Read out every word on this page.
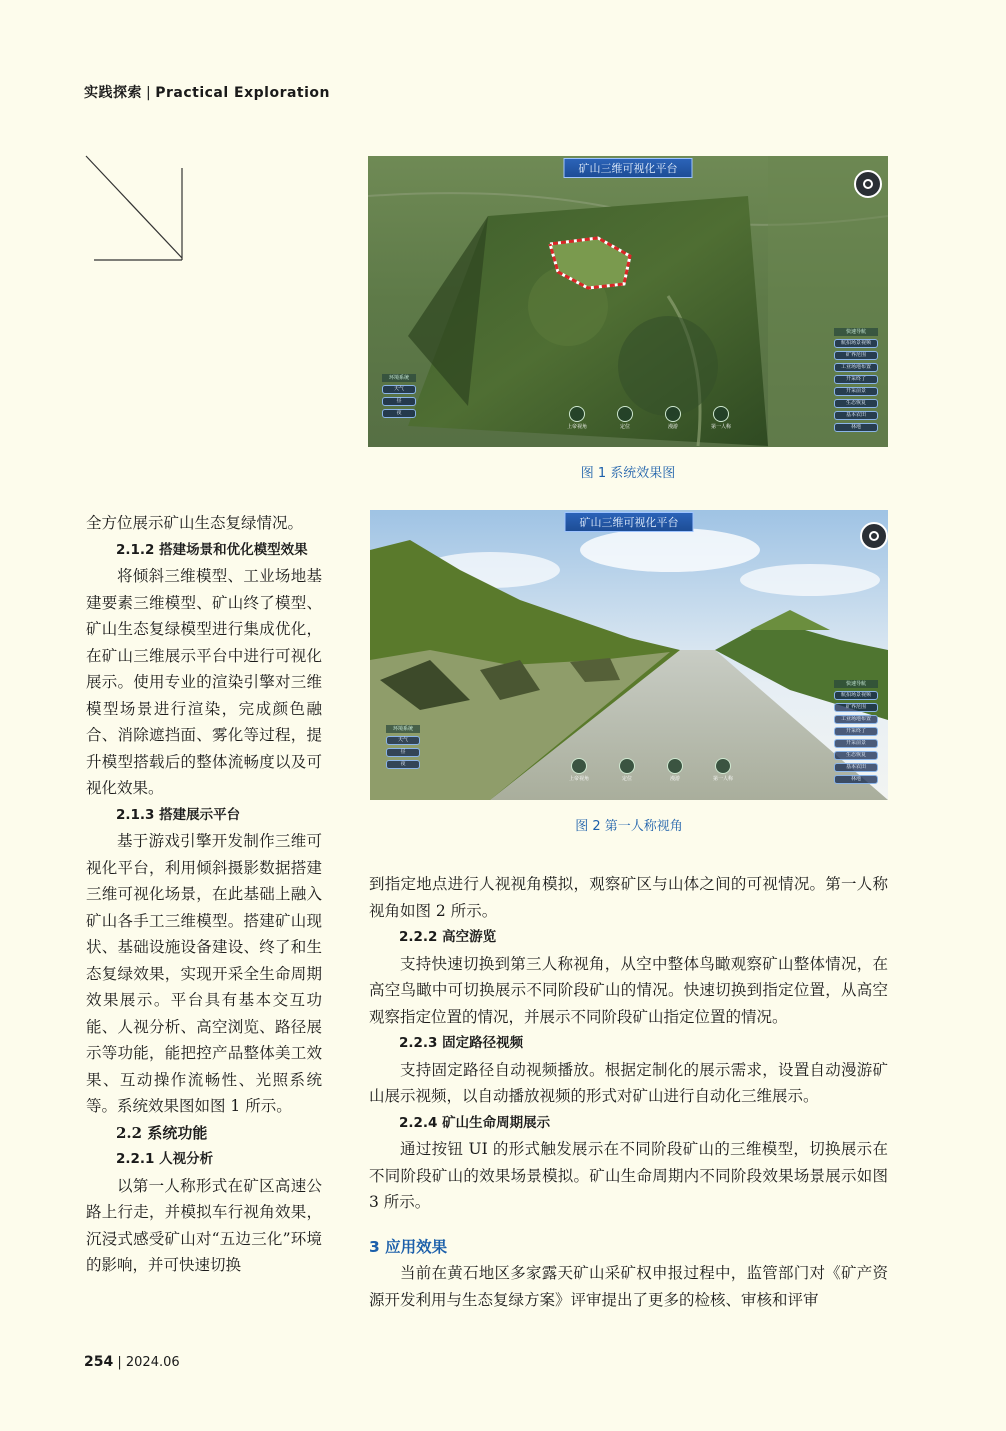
实践探索 | Practical Exploration
矿山三维可视化平台
环境系统
天气
昼
夜
快速导航
航拍场景视频
矿界范围
工业场地布置
开采终了
开采前景
生态恢复
基本农田
林地
上帝视角	定位	漫游	第一人称
图 1 系统效果图
矿山三维可视化平台
环境系统
天气
昼
夜
快速导航
航拍场景视频
矿界范围
工业场地布置
开采终了
开采前景
生态恢复
基本农田
林地
上帝视角	定位	漫游	第一人称
图 2 第一人称视角

全方位展示矿山生态复绿情况。

2.1.2 搭建场景和优化模型效果

将倾斜三维模型、工业场地基建要素三维模型、矿山终了模型、矿山生态复绿模型进行集成优化，在矿山三维展示平台中进行可视化展示。使用专业的渲染引擎对三维模型场景进行渲染，完成颜色融合、消除遮挡面、雾化等过程，提升模型搭载后的整体流畅度以及可视化效果。

2.1.3 搭建展示平台

基于游戏引擎开发制作三维可视化平台，利用倾斜摄影数据搭建三维可视化场景，在此基础上融入矿山各手工三维模型。搭建矿山现状、基础设施设备建设、终了和生态复绿效果，实现开采全生命周期效果展示。平台具有基本交互功能、人视分析、高空浏览、路径展示等功能，能把控产品整体美工效果、互动操作流畅性、光照系统等。系统效果图如图 1 所示。

2.2 系统功能

2.2.1 人视分析

以第一人称形式在矿区高速公路上行走，并模拟车行视角效果，沉浸式感受矿山对“五边三化”环境的影响，并可快速切换

到指定地点进行人视视角模拟，观察矿区与山体之间的可视情况。第一人称视角如图 2 所示。

2.2.2 高空游览

支持快速切换到第三人称视角，从空中整体鸟瞰观察矿山整体情况，在高空鸟瞰中可切换展示不同阶段矿山的情况。快速切换到指定位置，从高空观察指定位置的情况，并展示不同阶段矿山指定位置的情况。

2.2.3 固定路径视频

支持固定路径自动视频播放。根据定制化的展示需求，设置自动漫游矿山展示视频，以自动播放视频的形式对矿山进行自动化三维展示。

2.2.4 矿山生命周期展示

通过按钮 UI 的形式触发展示在不同阶段矿山的三维模型，切换展示在不同阶段矿山的效果场景模拟。矿山生命周期内不同阶段效果场景展示如图 3 所示。

3 应用效果

当前在黄石地区多家露天矿山采矿权申报过程中，监管部门对《矿产资源开发利用与生态复绿方案》评审提出了更多的检核、审核和评审

254 | 2024.06
